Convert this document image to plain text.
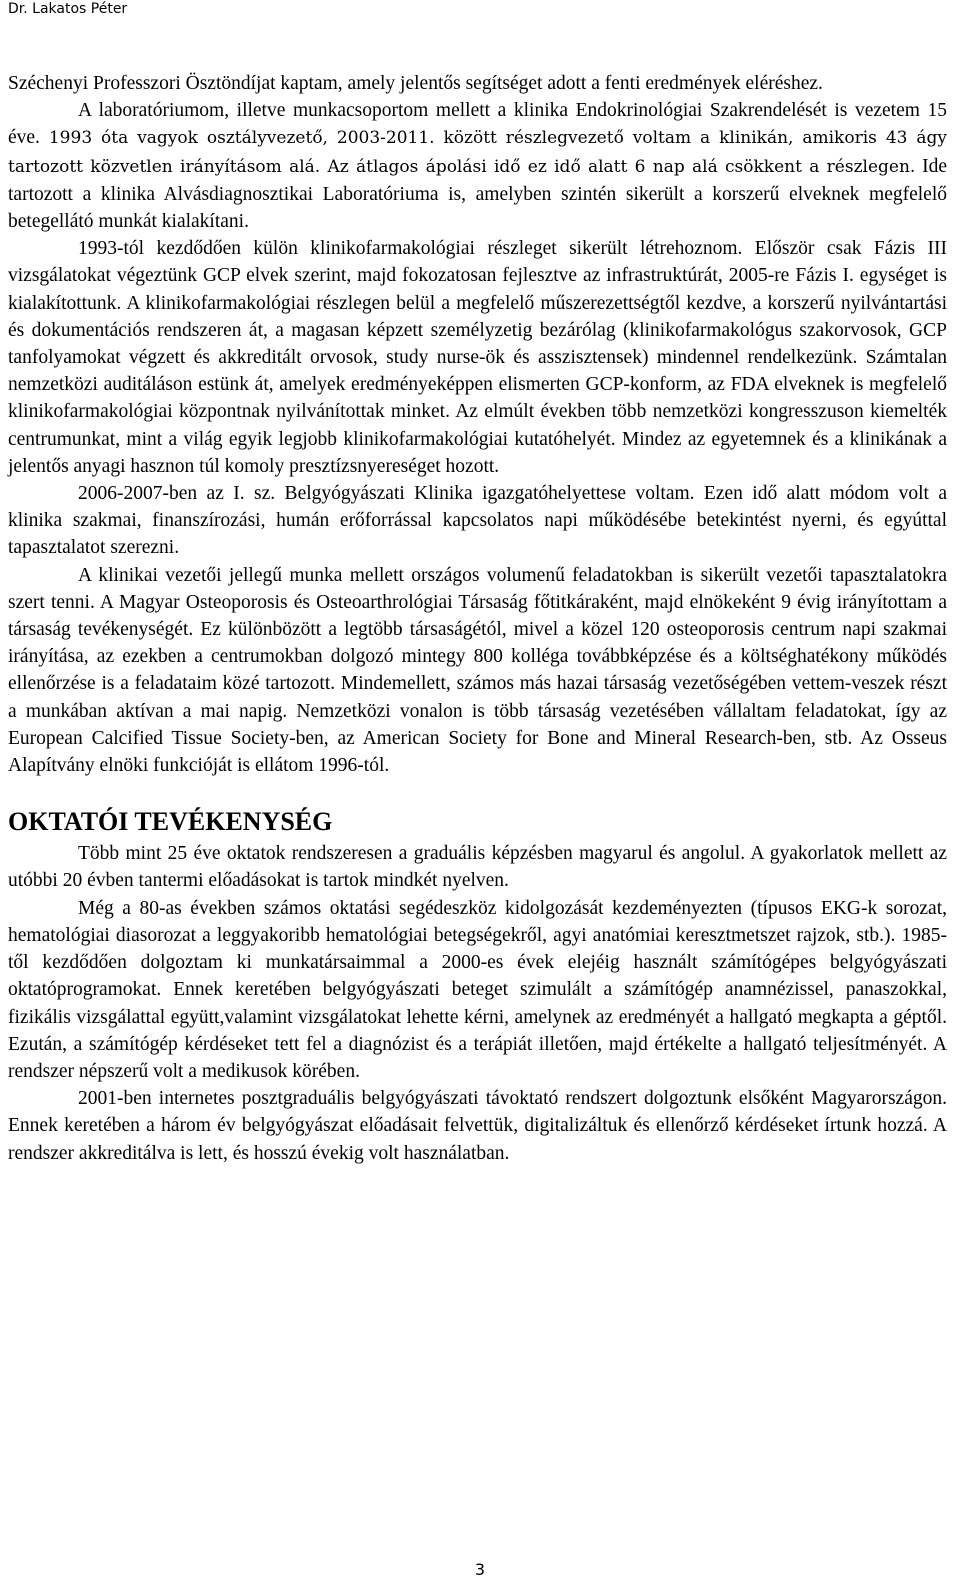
Dr. Lakatos Péter

Széchenyi Professzori Ösztöndíjat kaptam, amely jelentős segítséget adott a fenti eredmények eléréshez.

A laboratóriumom, illetve munkacsoportom mellett a klinika Endokrinológiai Szakrendelését is vezetem 15 éve. 1993 óta vagyok osztályvezető, 2003-2011. között részlegvezető voltam a klinikán, amikoris 43 ágy tartozott közvetlen irányításom alá. Az átlagos ápolási idő ez idő alatt 6 nap alá csökkent a részlegen. Ide tartozott a klinika Alvásdiagnosztikai Laboratóriuma is, amelyben szintén sikerült a korszerű elveknek megfelelő betegellátó munkát kialakítani.

1993-tól kezdődően külön klinikofarmakológiai részleget sikerült létrehoznom. Először csak Fázis III vizsgálatokat végeztünk GCP elvek szerint, majd fokozatosan fejlesztve az infrastruktúrát, 2005-re Fázis I. egységet is kialakítottunk. A klinikofarmakológiai részlegen belül a megfelelő műszerezettségtől kezdve, a korszerű nyilvántartási és dokumentációs rendszeren át, a magasan képzett személyzetig bezárólag (klinikofarmakológus szakorvosok, GCP tanfolyamokat végzett és akkreditált orvosok, study nurse-ök és asszisztensek) mindennel rendelkezünk. Számtalan nemzetközi auditáláson estünk át, amelyek eredményeképpen elismerten GCP-konform, az FDA elveknek is megfelelő klinikofarmakológiai központnak nyilvánítottak minket. Az elmúlt években több nemzetközi kongresszuson kiemelték centrumunkat, mint a világ egyik legjobb klinikofarmakológiai kutatóhelyét. Mindez az egyetemnek és a klinikának a jelentős anyagi hasznon túl komoly presztízsnyereséget hozott.

2006-2007-ben az I. sz. Belgyógyászati Klinika igazgatóhelyettese voltam. Ezen idő alatt módom volt a klinika szakmai, finanszírozási, humán erőforrással kapcsolatos napi működésébe betekintést nyerni, és egyúttal tapasztalatot szerezni.

A klinikai vezetői jellegű munka mellett országos volumenű feladatokban is sikerült vezetői tapasztalatokra szert tenni. A Magyar Osteoporosis és Osteoarthrológiai Társaság főtitkáraként, majd elnökeként 9 évig irányítottam a társaság tevékenységét. Ez különbözött a legtöbb társaságétól, mivel a közel 120 osteoporosis centrum napi szakmai irányítása, az ezekben a centrumokban dolgozó mintegy 800 kolléga továbbképzése és a költséghatékony működés ellenőrzése is a feladataim közé tartozott. Mindemellett, számos más hazai társaság vezetőségében vettem-veszek részt a munkában aktívan a mai napig. Nemzetközi vonalon is több társaság vezetésében vállaltam feladatokat, így az European Calcified Tissue Society-ben, az American Society for Bone and Mineral Research-ben, stb. Az Osseus Alapítvány elnöki funkcióját is ellátom 1996-tól.

OKTATÓI TEVÉKENYSÉG

Több mint 25 éve oktatok rendszeresen a graduális képzésben magyarul és angolul. A gyakorlatok mellett az utóbbi 20 évben tantermi előadásokat is tartok mindkét nyelven.

Még a 80-as években számos oktatási segédeszköz kidolgozását kezdeményezten (típusos EKG-k sorozat, hematológiai diasorozat a leggyakoribb hematológiai betegségekről, agyi anatómiai keresztmetszet rajzok, stb.). 1985-től kezdődően dolgoztam ki munkatársaimmal a 2000-es évek elejéig használt számítógépes belgyógyászati oktatóprogramokat. Ennek keretében belgyógyászati beteget szimulált a számítógép anamnézissel, panaszokkal, fizikális vizsgálattal együtt,valamint vizsgálatokat lehette kérni, amelynek az eredményét a hallgató megkapta a géptől. Ezután, a számítógép kérdéseket tett fel a diagnózist és a terápiát illetően, majd értékelte a hallgató teljesítményét. A rendszer népszerű volt a medikusok körében.

2001-ben internetes posztgraduális belgyógyászati távoktató rendszert dolgoztunk elsőként Magyarországon. Ennek keretében a három év belgyógyászat előadásait felvettük, digitalizáltuk és ellenőrző kérdéseket írtunk hozzá. A rendszer akkreditálva is lett, és hosszú évekig volt használatban.

3
